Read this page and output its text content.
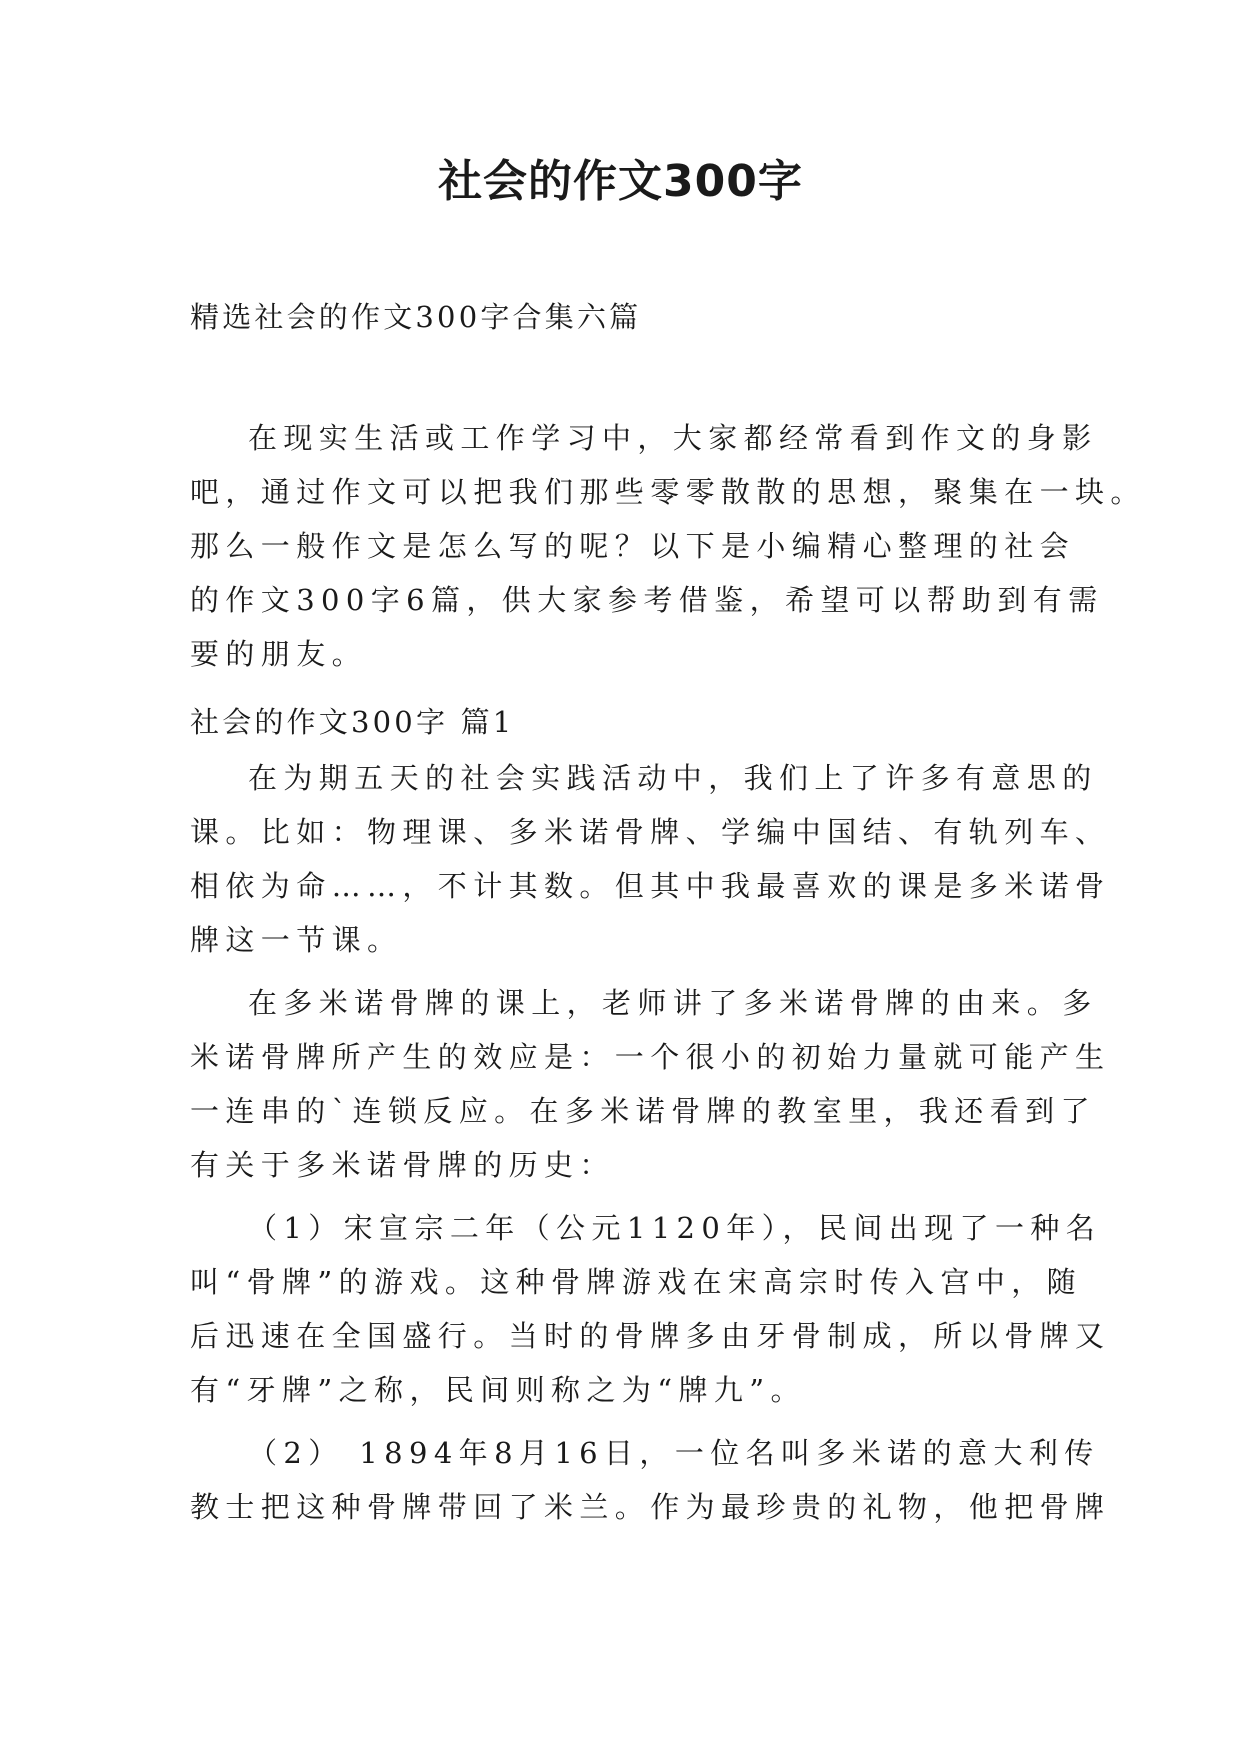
社会的作文300字

精选社会的作文300字合集六篇

在现实生活或工作学习中，大家都经常看到作文的身影

吧，通过作文可以把我们那些零零散散的思想，聚集在一块。

那么一般作文是怎么写的呢？以下是小编精心整理的社会

的作文300字6篇，供大家参考借鉴，希望可以帮助到有需

要的朋友。

社会的作文300字 篇1

在为期五天的社会实践活动中，我们上了许多有意思的

课。比如：物理课、多米诺骨牌、学编中国结、有轨列车、

相依为命……，不计其数。但其中我最喜欢的课是多米诺骨

牌这一节课。

在多米诺骨牌的课上，老师讲了多米诺骨牌的由来。多

米诺骨牌所产生的效应是：一个很小的初始力量就可能产生

一连串的`连锁反应。在多米诺骨牌的教室里，我还看到了

有关于多米诺骨牌的历史：

（1）宋宣宗二年（公元1120年），民间出现了一种名

叫“骨牌”的游戏。这种骨牌游戏在宋高宗时传入宫中，随

后迅速在全国盛行。当时的骨牌多由牙骨制成，所以骨牌又

有“牙牌”之称，民间则称之为“牌九”。

（2） 1894年8月16日，一位名叫多米诺的意大利传

教士把这种骨牌带回了米兰。作为最珍贵的礼物，他把骨牌
